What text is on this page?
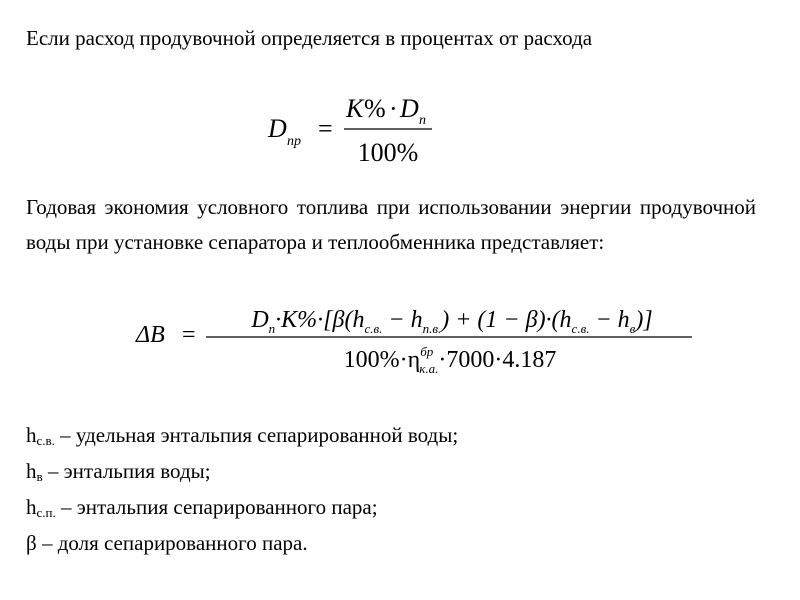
Если расход продувочной определяется в процентах от расхода
D пр =
K % · D п
100%
Годовая экономия условного топлива при использовании энергии продувочной воды при установке сепаратора и теплообменника представляет:
ΔB =
$D_п\cdot K\%\cdot[\beta(h_{с.в.} - h_{п.в.}) + (1 - \beta)\cdot(h_{с.в.} - h_в)]$
$100\%\cdot\eta^{бр}$ к.а.·7000·4.187
$h_{с.в.}$ – удельная энтальпия сепарированной воды;
$h_в$ – энтальпия воды;
$h_{с.п.}$ – энтальпия сепарированного пара;
β – доля сепарированного пара.
